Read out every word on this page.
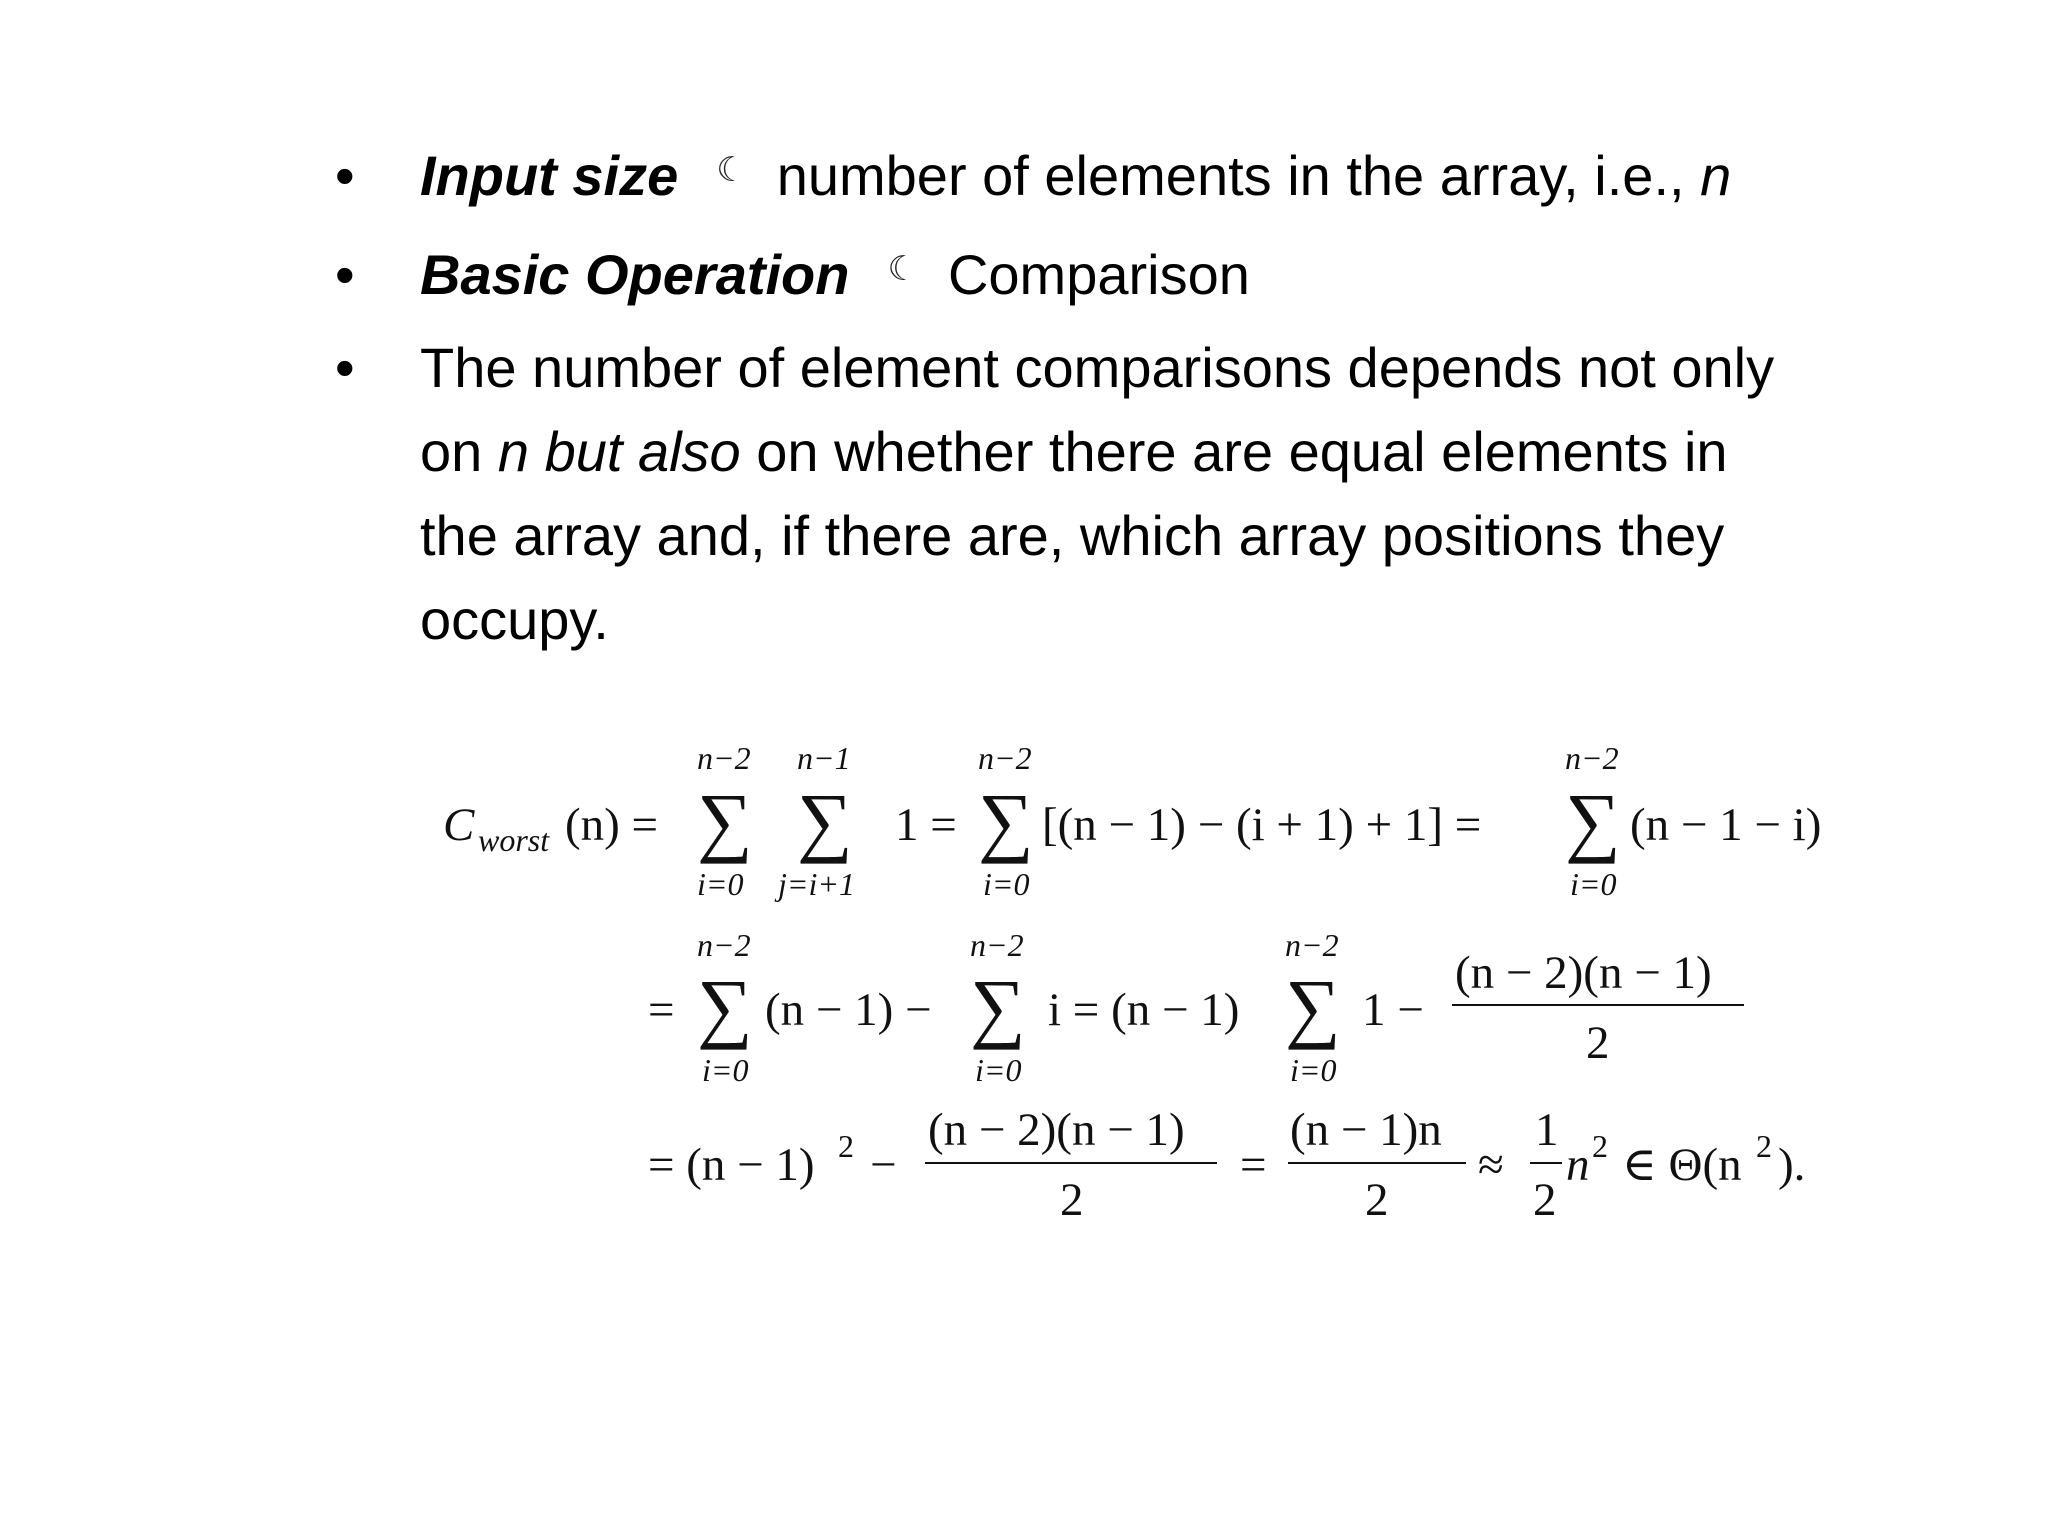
•	Input size ☾ number of elements in the array, i.e., n
•	Basic Operation ☾ Comparison
•	The number of element comparisons depends not only
on n but also on whether there are equal elements in
the array and, if there are, which array positions they
occupy.
C worst (n) =
n−2
∑
i=0
n−1
∑
j=i+1
1 =
n−2
∑
i=0
[(n − 1) − (i + 1) + 1] =
n−2
∑
i=0
(n − 1 − i)
=
n−2
∑
i=0
(n − 1) −
n−2
∑
i=0
i = (n − 1)
n−2
∑
i=0
1 −
(n − 2)(n − 1)
2
= (n − 1) 2 −
(n − 2)(n − 1)
2
=
(n − 1)n
2
≈
1
2
n 2 ∈ Θ(n 2 ).
